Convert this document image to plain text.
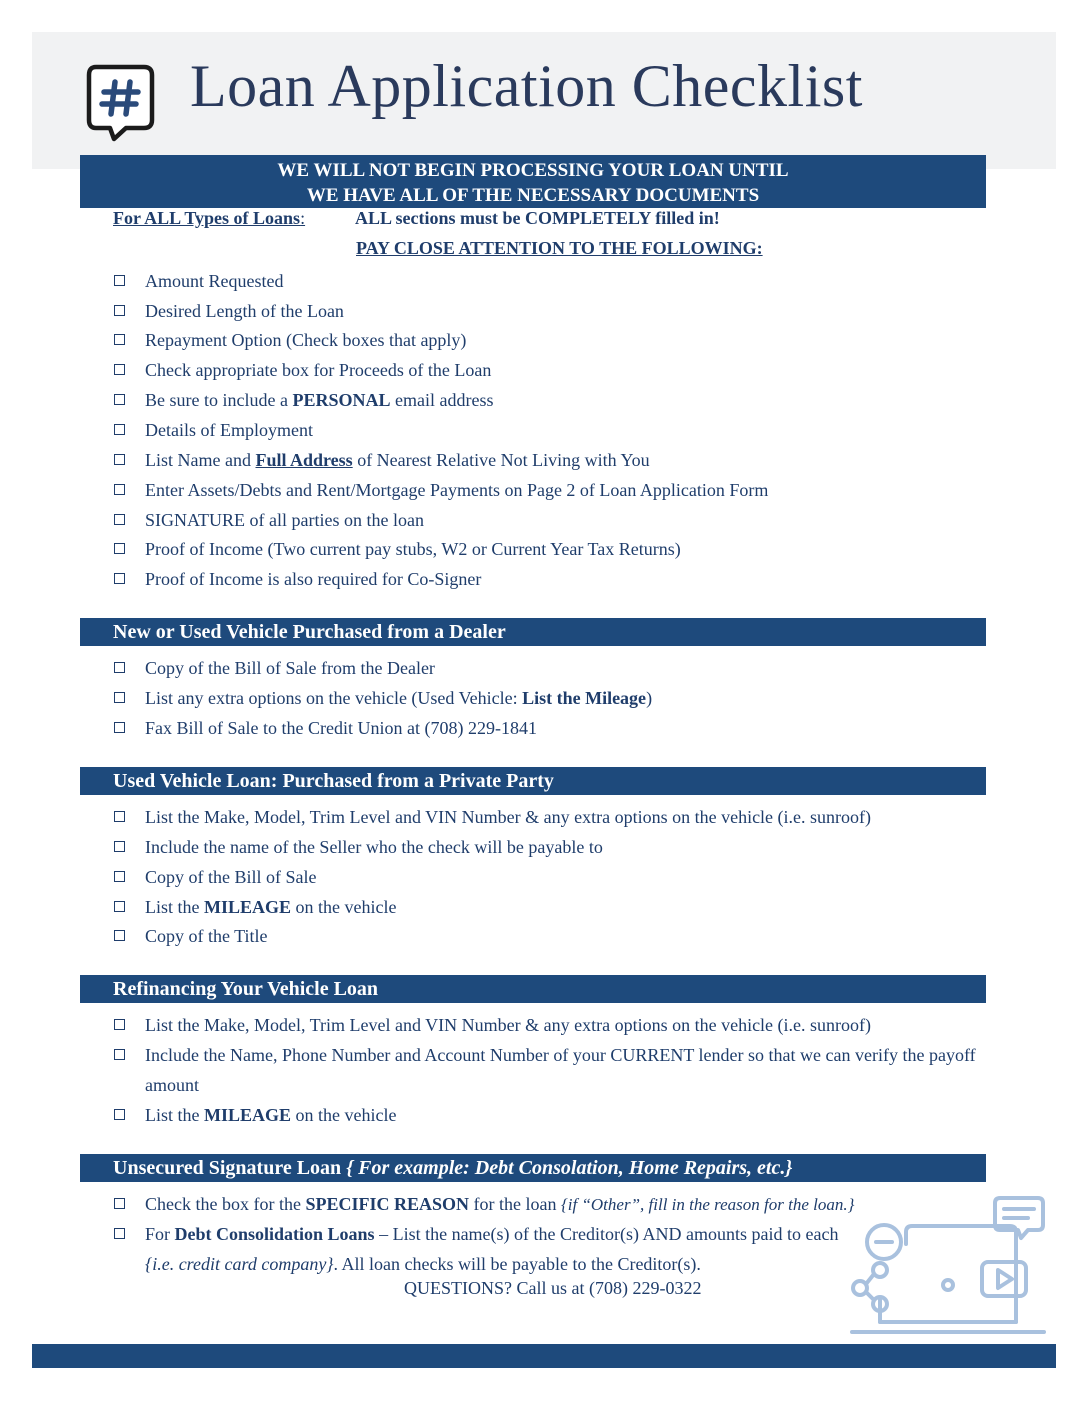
Loan Application Checklist
WE WILL NOT BEGIN PROCESSING YOUR LOAN UNTIL
WE HAVE ALL OF THE NECESSARY DOCUMENTS
For ALL Types of Loans:	ALL sections must be COMPLETELY filled in!
PAY CLOSE ATTENTION TO THE FOLLOWING:
Amount Requested
Desired Length of the Loan
Repayment Option (Check boxes that apply)
Check appropriate box for Proceeds of the Loan
Be sure to include a PERSONAL email address
Details of Employment
List Name and Full Address of Nearest Relative Not Living with You
Enter Assets/Debts and Rent/Mortgage Payments on Page 2 of Loan Application Form
SIGNATURE of all parties on the loan
Proof of Income (Two current pay stubs, W2 or Current Year Tax Returns)
Proof of Income is also required for Co-Signer
New or Used Vehicle Purchased from a Dealer
Copy of the Bill of Sale from the Dealer
List any extra options on the vehicle (Used Vehicle: List the Mileage)
Fax Bill of Sale to the Credit Union at (708) 229-1841
Used Vehicle Loan: Purchased from a Private Party
List the Make, Model, Trim Level and VIN Number & any extra options on the vehicle (i.e. sunroof)
Include the name of the Seller who the check will be payable to
Copy of the Bill of Sale
List the MILEAGE on the vehicle
Copy of the Title
Refinancing Your Vehicle Loan
List the Make, Model, Trim Level and VIN Number & any extra options on the vehicle (i.e. sunroof)
Include the Name, Phone Number and Account Number of your CURRENT lender so that we can verify the payoff amount
List the MILEAGE on the vehicle
Unsecured Signature Loan { For example: Debt Consolation, Home Repairs, etc.}
Check the box for the SPECIFIC REASON for the loan {if “Other”, fill in the reason for the loan.}
For Debt Consolidation Loans – List the name(s) of the Creditor(s) AND amounts paid to each
{i.e. credit card company}. All loan checks will be payable to the Creditor(s).
QUESTIONS? Call us at (708) 229-0322
